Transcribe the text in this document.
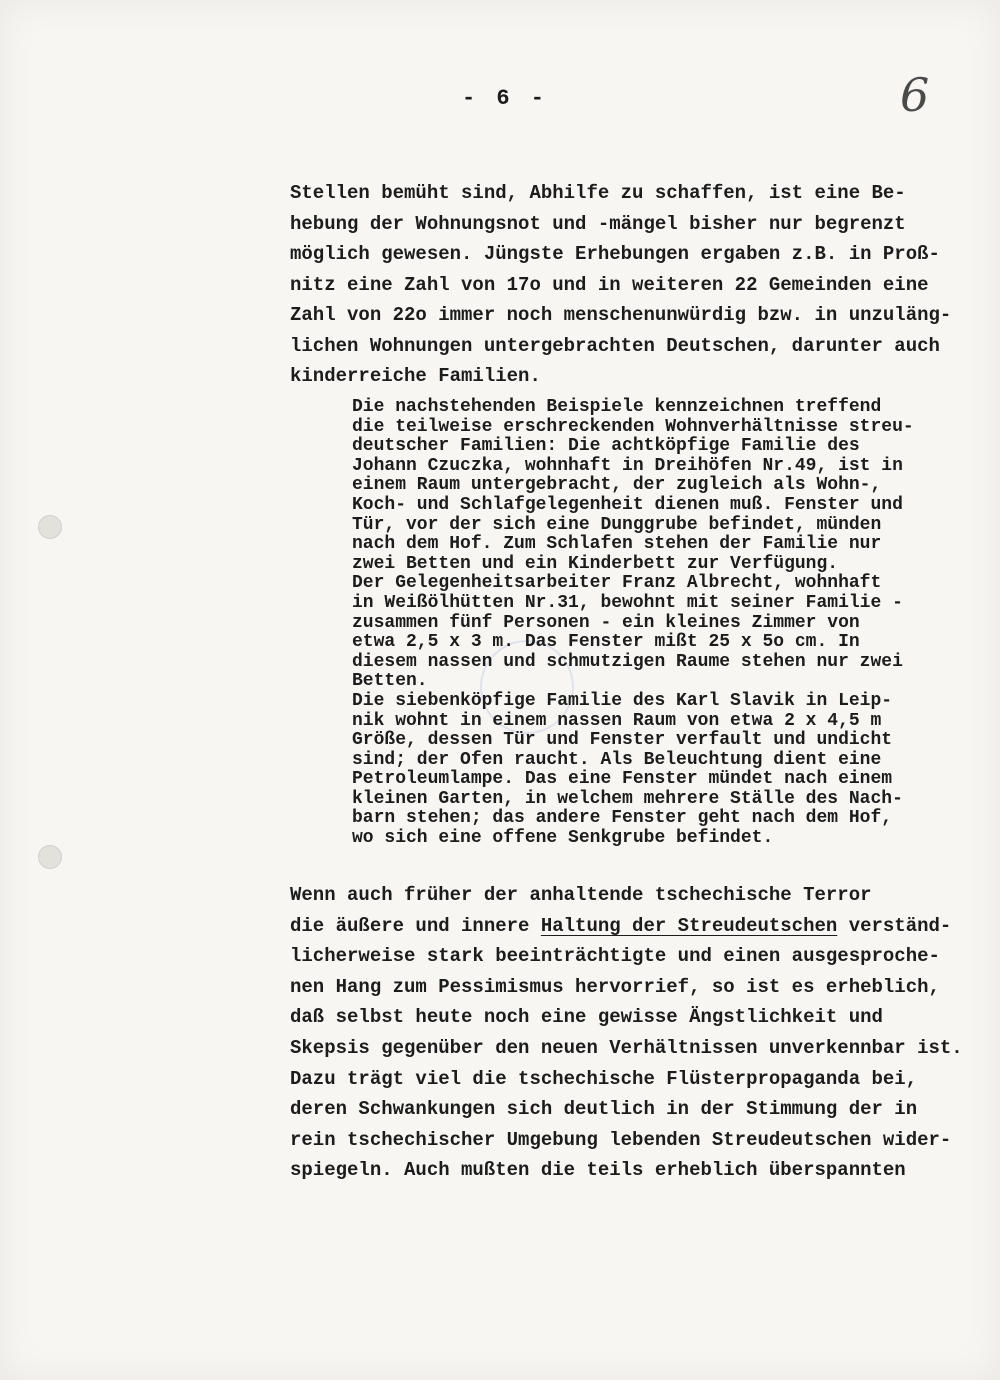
- 6 -	6
Stellen bemüht sind, Abhilfe zu schaffen, ist eine Be-
hebung der Wohnungsnot und -mängel bisher nur begrenzt
möglich gewesen. Jüngste Erhebungen ergaben z.B. in Proß-
nitz eine Zahl von 17o und in weiteren 22 Gemeinden eine
Zahl von 22o immer noch menschenunwürdig bzw. in unzuläng-
lichen Wohnungen untergebrachten Deutschen, darunter auch
kinderreiche Familien.
Die nachstehenden Beispiele kennzeichnen treffend
die teilweise erschreckenden Wohnverhältnisse streu-
deutscher Familien: Die achtköpfige Familie des
Johann Czuczka, wohnhaft in Dreihöfen Nr.49, ist in
einem Raum untergebracht, der zugleich als Wohn-,
Koch- und Schlafgelegenheit dienen muß. Fenster und
Tür, vor der sich eine Dunggrube befindet, münden
nach dem Hof. Zum Schlafen stehen der Familie nur
zwei Betten und ein Kinderbett zur Verfügung.
Der Gelegenheitsarbeiter Franz Albrecht, wohnhaft
in Weißölhütten Nr.31, bewohnt mit seiner Familie -
zusammen fünf Personen - ein kleines Zimmer von
etwa 2,5 x 3 m. Das Fenster mißt 25 x 5o cm. In
diesem nassen und schmutzigen Raume stehen nur zwei
Betten.
Die siebenköpfige Familie des Karl Slavik in Leip-
nik wohnt in einem nassen Raum von etwa 2 x 4,5 m
Größe, dessen Tür und Fenster verfault und undicht
sind; der Ofen raucht. Als Beleuchtung dient eine
Petroleumlampe. Das eine Fenster mündet nach einem
kleinen Garten, in welchem mehrere Ställe des Nach-
barn stehen; das andere Fenster geht nach dem Hof,
wo sich eine offene Senkgrube befindet.
Wenn auch früher der anhaltende tschechische Terror
die äußere und innere Haltung der Streudeutschen verständ-
licherweise stark beeinträchtigte und einen ausgesproche-
nen Hang zum Pessimismus hervorrief, so ist es erheblich,
daß selbst heute noch eine gewisse Ängstlichkeit und
Skepsis gegenüber den neuen Verhältnissen unverkennbar ist.
Dazu trägt viel die tschechische Flüsterpropaganda bei,
deren Schwankungen sich deutlich in der Stimmung der in
rein tschechischer Umgebung lebenden Streudeutschen wider-
spiegeln. Auch mußten die teils erheblich überspannten
